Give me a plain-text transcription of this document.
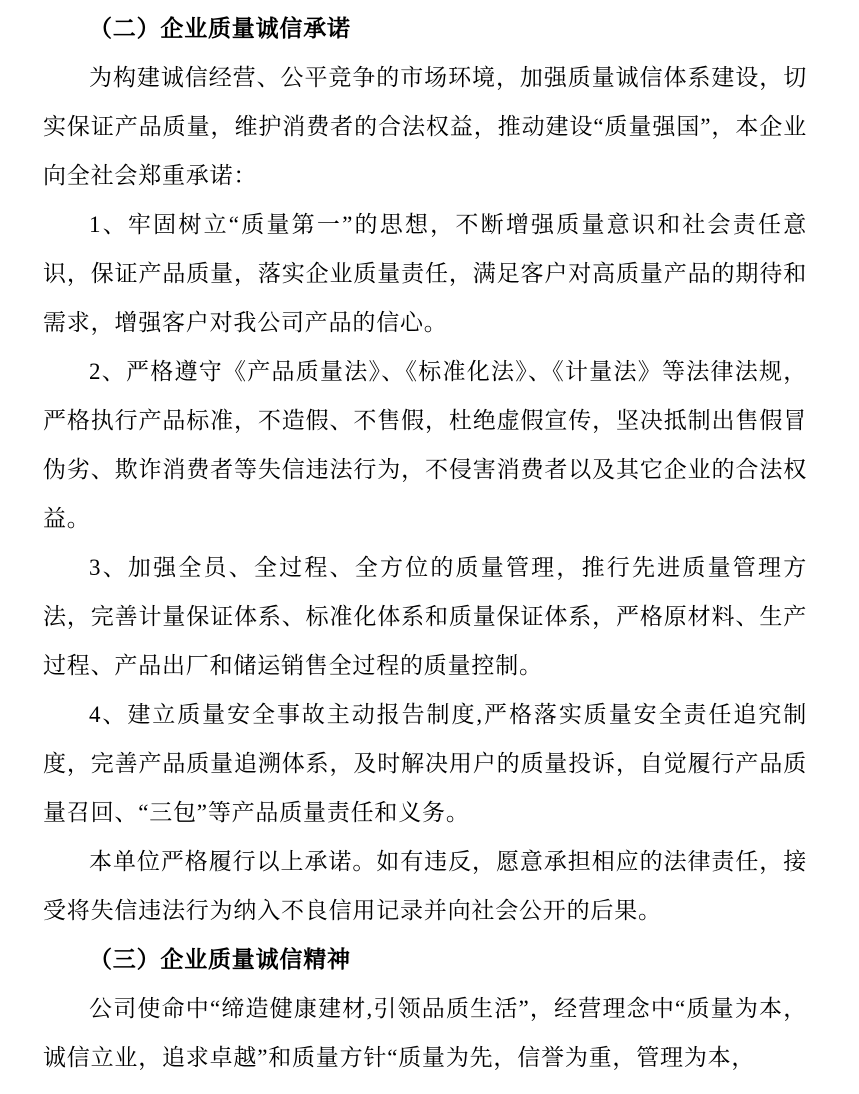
（二）企业质量诚信承诺

为构建诚信经营、公平竞争的市场环境，加强质量诚信体系建设，切实保证产品质量，维护消费者的合法权益，推动建设“质量强国”，本企业向全社会郑重承诺：

1、牢固树立“质量第一”的思想，不断增强质量意识和社会责任意识，保证产品质量，落实企业质量责任，满足客户对高质量产品的期待和需求，增强客户对我公司产品的信心。

2、严格遵守《产品质量法》、《标准化法》、《计量法》等法律法规，严格执行产品标准，不造假、不售假，杜绝虚假宣传，坚决抵制出售假冒伪劣、欺诈消费者等失信违法行为，不侵害消费者以及其它企业的合法权益。

3、加强全员、全过程、全方位的质量管理，推行先进质量管理方法，完善计量保证体系、标准化体系和质量保证体系，严格原材料、生产过程、产品出厂和储运销售全过程的质量控制。

4、建立质量安全事故主动报告制度,严格落实质量安全责任追究制度，完善产品质量追溯体系，及时解决用户的质量投诉，自觉履行产品质量召回、“三包”等产品质量责任和义务。

本单位严格履行以上承诺。如有违反，愿意承担相应的法律责任，接受将失信违法行为纳入不良信用记录并向社会公开的后果。

（三）企业质量诚信精神

公司使命中“缔造健康建材,引领品质生活”，经营理念中“质量为本，诚信立业，追求卓越”和质量方针“质量为先，信誉为重，管理为本，
